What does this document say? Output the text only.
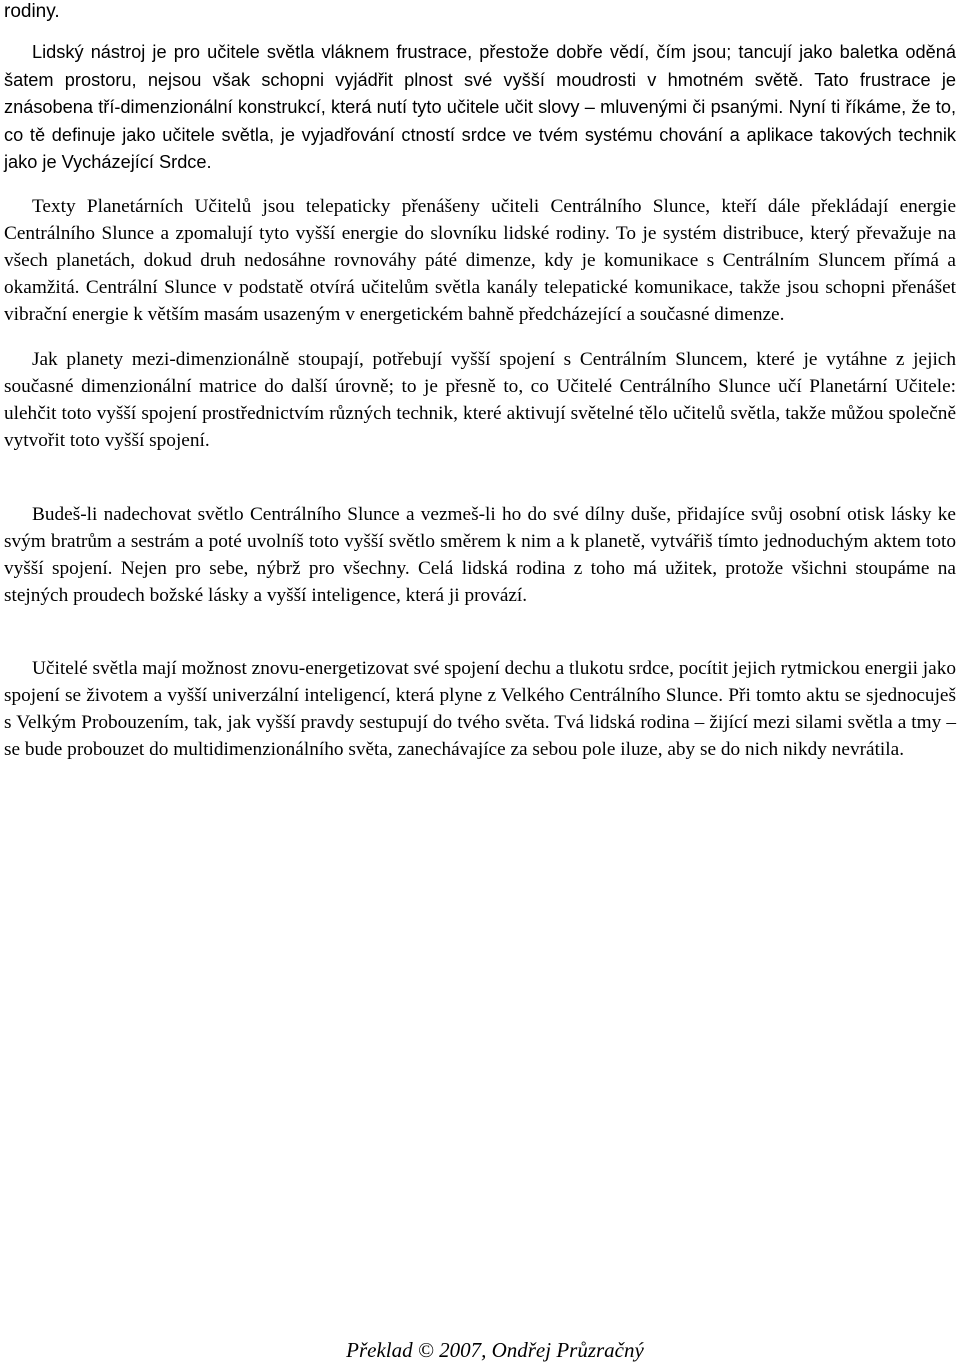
rodiny.

Lidský nástroj je pro učitele světla vláknem frustrace, přestože dobře vědí, čím jsou; tancují jako baletka oděná šatem prostoru, nejsou však schopni vyjádřit plnost své vyšší moudrosti v hmotném světě. Tato frustrace je znásobena tří-dimenzionální konstrukcí, která nutí tyto učitele učit slovy – mluvenými či psanými. Nyní ti říkáme, že to, co tě definuje jako učitele světla, je vyjadřování ctností srdce ve tvém systému chování a aplikace takových technik jako je Vycházející Srdce.

Texty Planetárních Učitelů jsou telepaticky přenášeny učiteli Centrálního Slunce, kteří dále překládají energie Centrálního Slunce a zpomalují tyto vyšší energie do slovníku lidské rodiny. To je systém distribuce, který převažuje na všech planetách, dokud druh nedosáhne rovnováhy páté dimenze, kdy je komunikace s Centrálním Sluncem přímá a okamžitá. Centrální Slunce v podstatě otvírá učitelům světla kanály telepatické komunikace, takže jsou schopni přenášet vibrační energie k větším masám usazeným v energetickém bahně předcházející a současné dimenze.

Jak planety mezi-dimenzionálně stoupají, potřebují vyšší spojení s Centrálním Sluncem, které je vytáhne z jejich současné dimenzionální matrice do další úrovně; to je přesně to, co Učitelé Centrálního Slunce učí Planetární Učitele: ulehčit toto vyšší spojení prostřednictvím různých technik, které aktivují světelné tělo učitelů světla, takže můžou společně vytvořit toto vyšší spojení.

Budeš-li nadechovat světlo Centrálního Slunce a vezmeš-li ho do své dílny duše, přidajíce svůj osobní otisk lásky ke svým bratrům a sestrám a poté uvolníš toto vyšší světlo směrem k nim a k planetě, vytvářiš tímto jednoduchým aktem toto vyšší spojení. Nejen pro sebe, nýbrž pro všechny. Celá lidská rodina z toho má užitek, protože všichni stoupáme na stejných proudech božské lásky a vyšší inteligence, která ji provází.

Učitelé světla mají možnost znovu-energetizovat své spojení dechu a tlukotu srdce, pocítit jejich rytmickou energii jako spojení se životem a vyšší univerzální inteligencí, která plyne z Velkého Centrálního Slunce. Při tomto aktu se sjednocuješ s Velkým Probouzením, tak, jak vyšší pravdy sestupují do tvého světa. Tvá lidská rodina – žijící mezi silami světla a tmy – se bude probouzet do multidimenzionálního světa, zanechávajíce za sebou pole iluze, aby se do nich nikdy nevrátila.

Překlad © 2007, Ondřej Průzračný
